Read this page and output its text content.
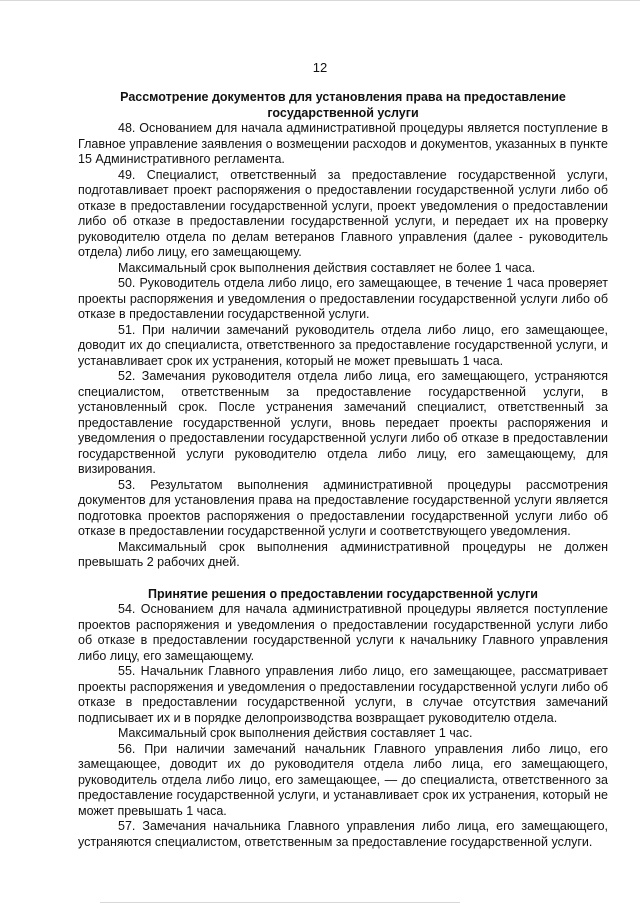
12
Рассмотрение документов для установления права на предоставление государственной услуги

48. Основанием для начала административной процедуры является поступление в Главное управление заявления о возмещении расходов и документов, указанных в пункте 15 Административного регламента.

49. Специалист, ответственный за предоставление государственной услуги, подготавливает проект распоряжения о предоставлении государственной услуги либо об отказе в предоставлении государственной услуги, проект уведомления о предоставлении либо об отказе в предоставлении государственной услуги, и передает их на проверку руководителю отдела по делам ветеранов Главного управления (далее - руководитель отдела) либо лицу, его замещающему.

Максимальный срок выполнения действия составляет не более 1 часа.

50. Руководитель отдела либо лицо, его замещающее, в течение 1 часа проверяет проекты распоряжения и уведомления о предоставлении государственной услуги либо об отказе в предоставлении государственной услуги.

51. При наличии замечаний руководитель отдела либо лицо, его замещающее, доводит их до специалиста, ответственного за предоставление государственной услуги, и устанавливает срок их устранения, который не может превышать 1 часа.

52. Замечания руководителя отдела либо лица, его замещающего, устраняются специалистом, ответственным за предоставление государственной услуги, в установленный срок. После устранения замечаний специалист, ответственный за предоставление государственной услуги, вновь передает проекты распоряжения и уведомления о предоставлении государственной услуги либо об отказе в предоставлении государственной услуги руководителю отдела либо лицу, его замещающему, для визирования.

53. Результатом выполнения административной процедуры рассмотрения документов для установления права на предоставление государственной услуги является подготовка проектов распоряжения о предоставлении государственной услуги либо об отказе в предоставлении государственной услуги и соответствующего уведомления.

Максимальный срок выполнения административной процедуры не должен превышать 2 рабочих дней.

Принятие решения о предоставлении государственной услуги

54. Основанием для начала административной процедуры является поступление проектов распоряжения и уведомления о предоставлении государственной услуги либо об отказе в предоставлении государственной услуги к начальнику Главного управления либо лицу, его замещающему.

55. Начальник Главного управления либо лицо, его замещающее, рассматривает проекты распоряжения и уведомления о предоставлении государственной услуги либо об отказе в предоставлении государственной услуги, в случае отсутствия замечаний подписывает их и в порядке делопроизводства возвращает руководителю отдела.

Максимальный срок выполнения действия составляет 1 час.

56. При наличии замечаний начальник Главного управления либо лицо, его замещающее, доводит их до руководителя отдела либо лица, его замещающего, руководитель отдела либо лицо, его замещающее, — до специалиста, ответственного за предоставление государственной услуги, и устанавливает срок их устранения, который не может превышать 1 часа.

57. Замечания начальника Главного управления либо лица, его замещающего, устраняются специалистом, ответственным за предоставление государственной услуги.
